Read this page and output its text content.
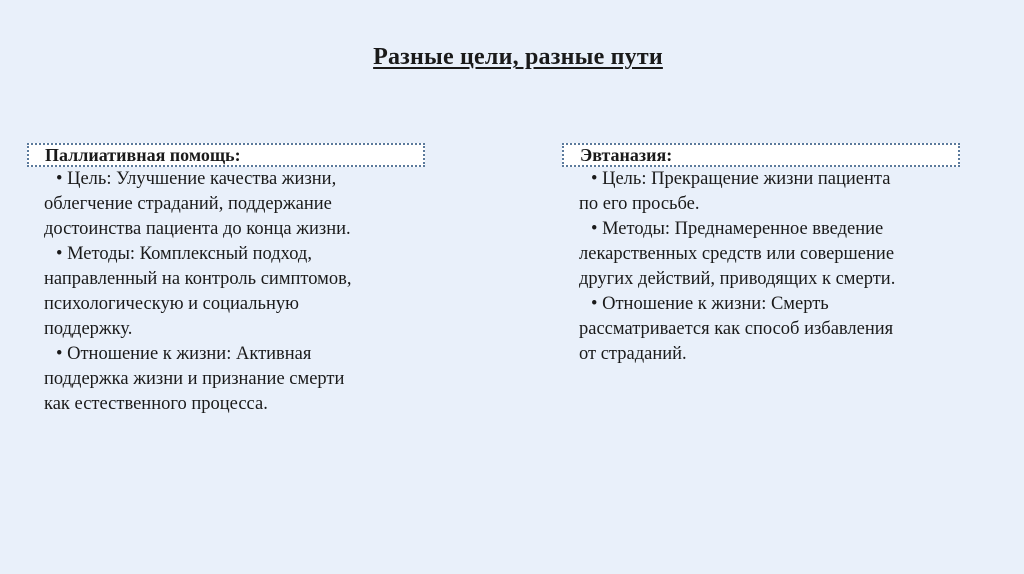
Разные цели, разные пути
Паллиативная помощь:
• Цель: Улучшение качества жизни,
облегчение страданий, поддержание
достоинства пациента до конца жизни.
• Методы: Комплексный подход,
направленный на контроль симптомов,
психологическую и социальную
поддержку.
• Отношение к жизни: Активная
поддержка жизни и признание смерти
как естественного процесса.
Эвтаназия:
• Цель: Прекращение жизни пациента
по его просьбе.
• Методы: Преднамеренное введение
лекарственных средств или совершение
других действий, приводящих к смерти.
• Отношение к жизни: Смерть
рассматривается как способ избавления
от страданий.
